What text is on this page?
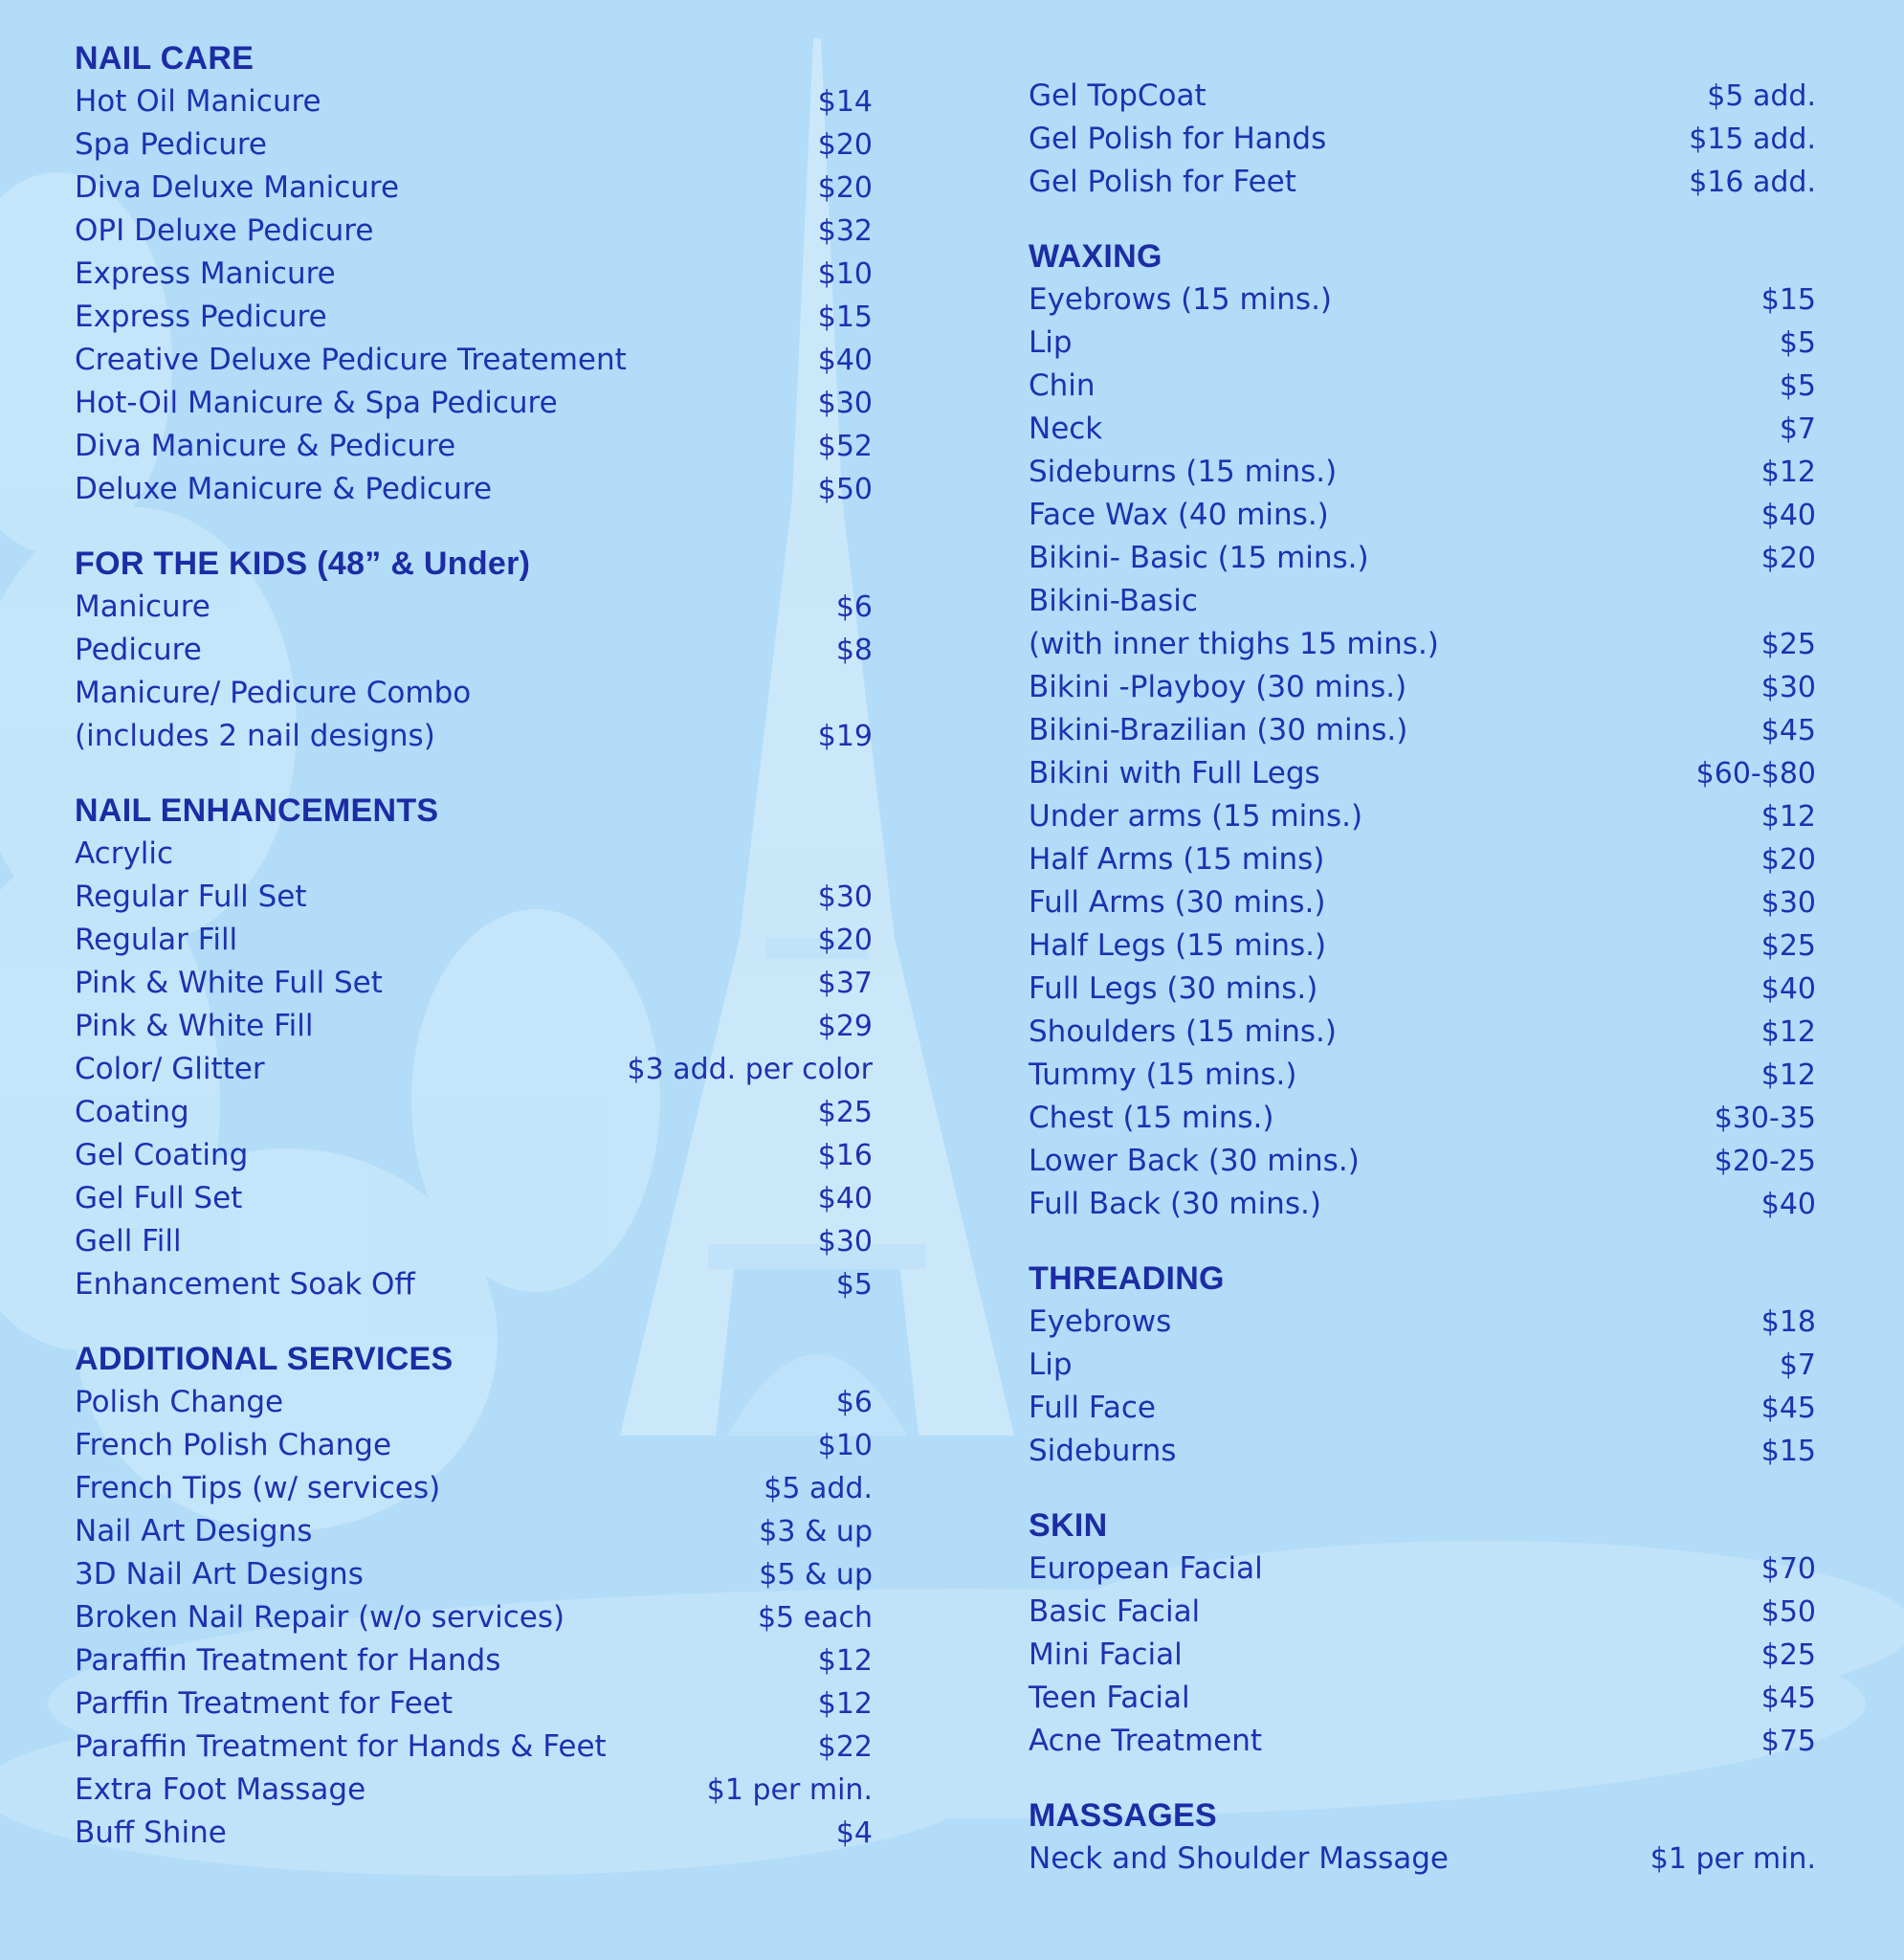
NAIL CARE
Hot Oil Manicure	$14
Spa Pedicure	$20
Diva Deluxe Manicure	$20
OPI Deluxe Pedicure	$32
Express Manicure	$10
Express Pedicure	$15
Creative Deluxe Pedicure Treatement	$40
Hot-Oil Manicure & Spa Pedicure	$30
Diva Manicure & Pedicure	$52
Deluxe Manicure & Pedicure	$50
FOR THE KIDS (48” & Under)
Manicure	$6
Pedicure	$8
Manicure/ Pedicure Combo
(includes 2 nail designs)	$19
NAIL ENHANCEMENTS
Acrylic
Regular Full Set	$30
Regular Fill	$20
Pink & White Full Set	$37
Pink & White Fill	$29
Color/ Glitter	$3 add. per color
Coating	$25
Gel Coating	$16
Gel Full Set	$40
Gell Fill	$30
Enhancement Soak Off	$5
ADDITIONAL SERVICES
Polish Change	$6
French Polish Change	$10
French Tips (w/ services)	$5 add.
Nail Art Designs	$3 & up
3D Nail Art Designs	$5 & up
Broken Nail Repair (w/o services)	$5 each
Paraffin Treatment for Hands	$12
Parffin Treatment for Feet	$12
Paraffin Treatment for Hands & Feet	$22
Extra Foot Massage	$1 per min.
Buff Shine	$4
Gel TopCoat	$5 add.
Gel Polish for Hands	$15 add.
Gel Polish for Feet	$16 add.
WAXING
Eyebrows (15 mins.)	$15
Lip	$5
Chin	$5
Neck	$7
Sideburns (15 mins.)	$12
Face Wax (40 mins.)	$40
Bikini- Basic (15 mins.)	$20
Bikini-Basic
(with inner thighs 15 mins.)	$25
Bikini -Playboy (30 mins.)	$30
Bikini-Brazilian (30 mins.)	$45
Bikini with Full Legs	$60-$80
Under arms (15 mins.)	$12
Half Arms (15 mins)	$20
Full Arms (30 mins.)	$30
Half Legs (15 mins.)	$25
Full Legs (30 mins.)	$40
Shoulders (15 mins.)	$12
Tummy (15 mins.)	$12
Chest (15 mins.)	$30-35
Lower Back (30 mins.)	$20-25
Full Back (30 mins.)	$40
THREADING
Eyebrows	$18
Lip	$7
Full Face	$45
Sideburns	$15
SKIN
European Facial	$70
Basic Facial	$50
Mini Facial	$25
Teen Facial	$45
Acne Treatment	$75
MASSAGES
Neck and Shoulder Massage	$1 per min.
